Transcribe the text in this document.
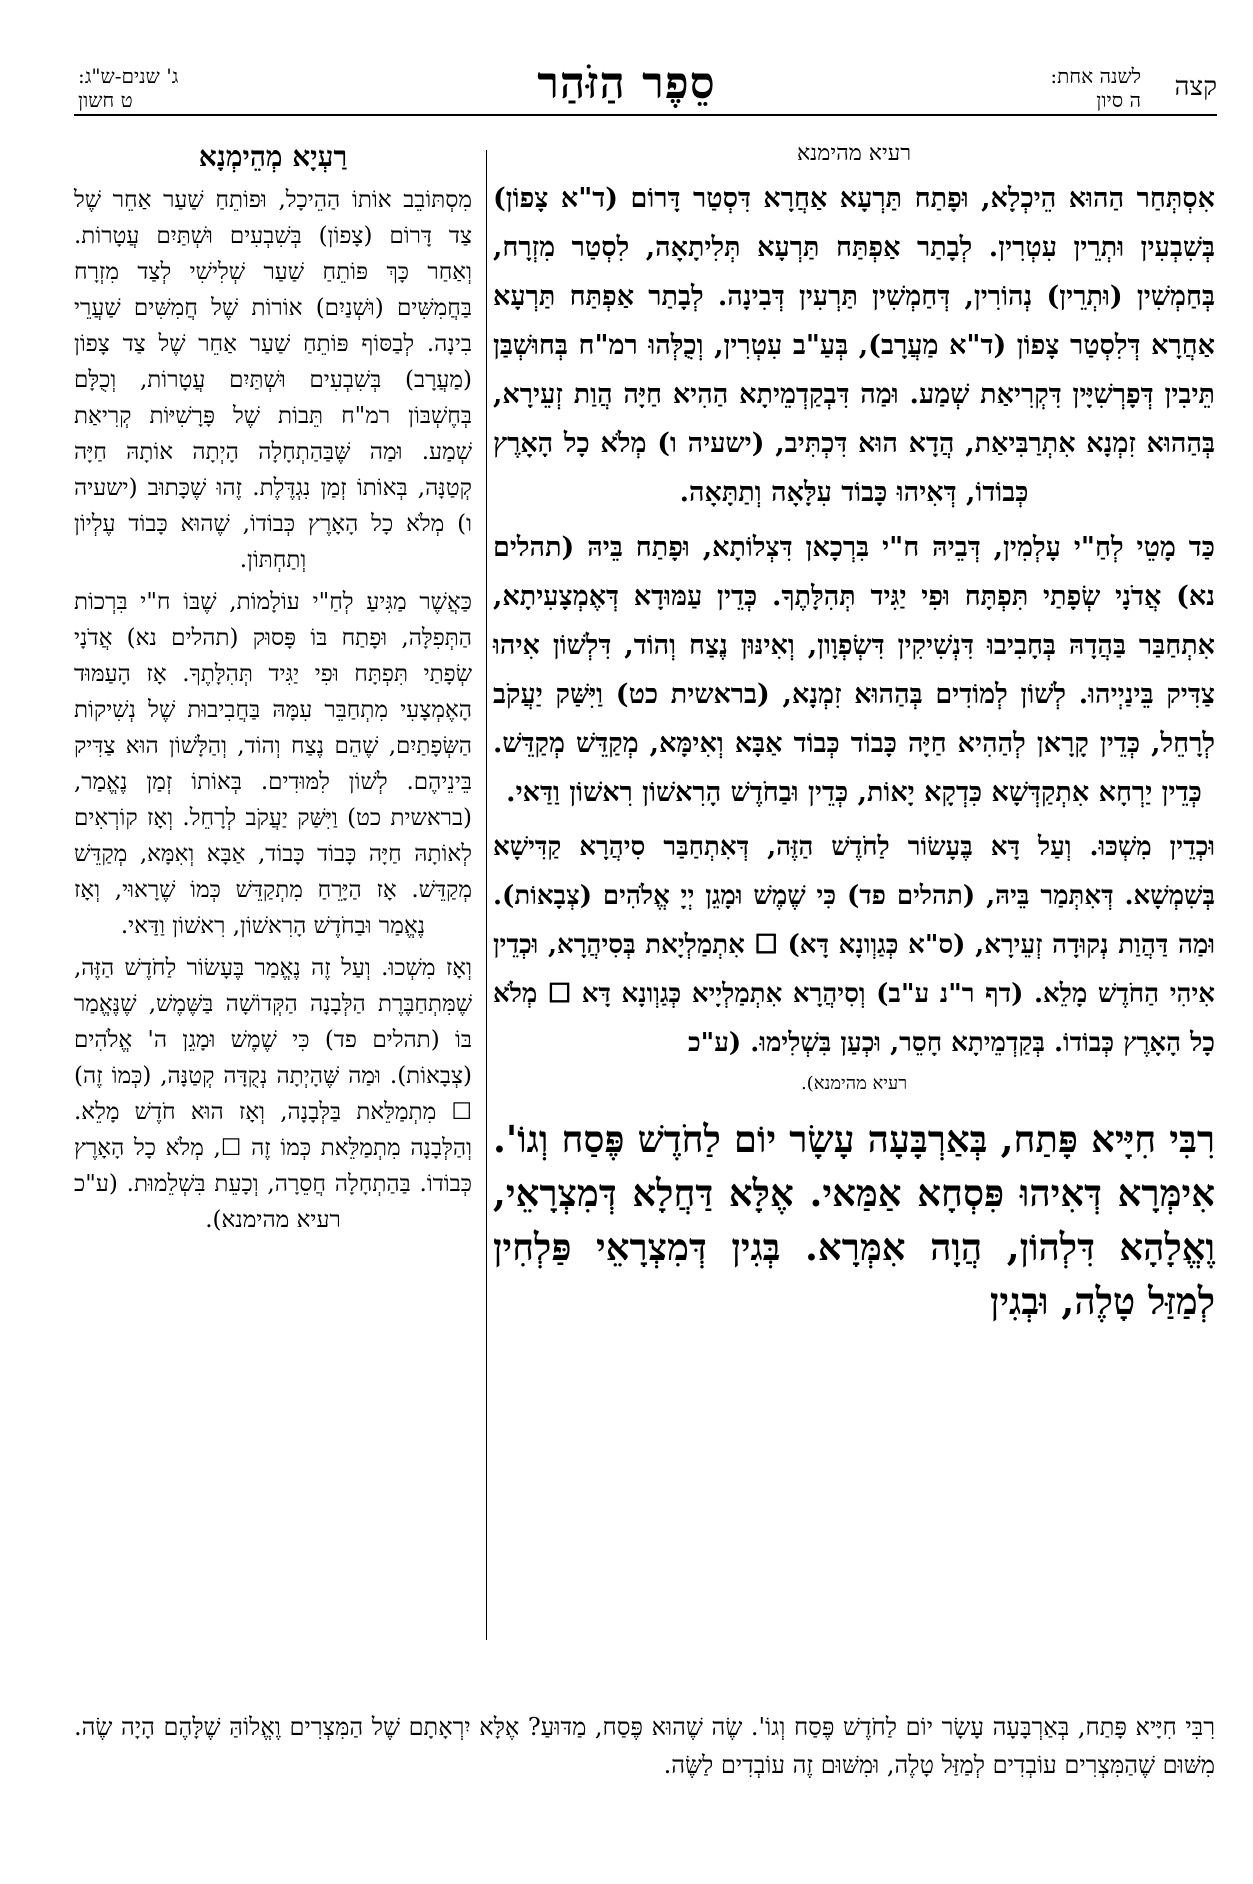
קצה
לשנה אחת:
ה סיון
סֵפֶר הַזֹּהַר
ג' שנים-ש"ג:
ט חשון
רעיא מהימנא

אִסְתְּחַר הַהוּא הֵיכְלָא, וּפָתַח תַּרְעָא אַחֲרָא דִּסְטַר דָּרוֹם (ד"א צָפוֹן) בְּשִׁבְעִין וּתְרֵין עִטְרִין. לְבָתַר אַפְתַּח תַּרְעָא תְּלִיתָאָה, לִסְטַר מִזְרָח, בְּחַמְשִׁין (וּתְרֵין) נְהוֹרִין, דְּחַמְשִׁין תַּרְעִין דְּבִינָה. לְבָתַר אַפְתַּח תַּרְעָא אַחֲרָא דְּלִסְטַר צָפוֹן (ד"א מַעֲרָב), בְּעַ"ב עִטְרִין, וְכֻלְּהוּ רמ"ח בְּחוּשְׁבַּן תֵּיבִין דְּפָרְשִׁיָּין דִּקְרִיאַת שְׁמַע. וּמַה דִּבְקַדְמֵיתָא הַהִיא חַיָּה הֲוַת זְעֵירָא, בְּהַהוּא זִמְנָא אִתְרַבִּיאַת, הֲדָא הוּא דִּכְתִּיב, (ישעיה ו) מְלֹא כָל הָאָרֶץ כְּבוֹדוֹ, דְּאִיהוּ כָּבוֹד עִלָּאָה וְתַתָּאָה.

כַּד מָטֵי לְחַ"י עָלְמִין, דְּבֵיהּ ח"י בִּרְכָאן דִּצְלוֹתָא, וּפָתַח בֵּיהּ (תהלים נא) אֲדֹנָי שְׂפָתַי תִּפְתָּח וּפִי יַגִּיד תְּהִלָּתֶךָ. כְּדֵין עַמּוּדָא דְּאֶמְצָעִיתָא, אִתְחַבַּר בַּהֲדָהּ בְּחָבִיבוּ דִּנְשִׁיקִין דִּשְׂפְוָון, וְאִינּוּן נֶצַח וְהוֹד, דִּלְשׁוֹן אִיהוּ צַדִּיק בֵּינַיְיהוּ. לְשׁוֹן לְמוֹדִים בְּהַהוּא זִמְנָא, (בראשית כט) וַיִּשַּׁק יַעֲקֹב לְרָחֵל, כְּדֵין קָרָאן לְהַהִיא חַיָּה כָּבוֹד כְּבוֹד אַבָּא וְאִימָּא, מְקַדֵּשׁ מְקַדֵּשׁ. כְּדֵין יַרְחָא אִתְקַדְּשָׁא כִּדְקָא יָאוֹת, כְּדֵין וּבַחֹדֶשׁ הָרִאשׁוֹן רִאשׁוֹן וַדַּאי.

וּכְדֵין מִשְׁכּוּ. וְעַל דָּא בֶּעָשׂוֹר לַחֹדֶשׁ הַזֶּה, דְּאִתְחַבַּר סִיהֲרָא קַדִּישָׁא בְּשִׁמְשָׁא. דְּאִתְּמַר בֵּיהּ, (תהלים פד) כִּי שֶׁמֶשׁ וּמָגֵן יְיָ אֱלֹהִים (צְבָאוֹת). וּמַה דַּהֲוַת נְקוּדָה זְעֵירָא, (ס"א כְּגַוְונָא דָּא) ☐ אִתְמַלְיָאת בְּסִיהֲרָא, וּכְדֵין אִיהִי הַחֹדֶשׁ מָלֵא. (דף ר"נ ע"ב) וְסִיהֲרָא אִתְמַלְיָיא כְּגַוְונָא דָּא ☐ מְלֹא כָל הָאָרֶץ כְּבוֹדוֹ. בְּקַדְמֵיתָא חָסֵר, וּכְעַן בִּשְׁלִימוּ. (ע"כ

רעיא מהימנא).

רִבִּי חִיָּיא פָּתַח, בְּאַרְבָּעָה עָשָׂר יוֹם לַחֹדֶשׁ פֶּסַח וְגוֹ'. אִימְּרָא דְּאִיהוּ פִּסְחָא אַמַּאי. אֶלָּא דַּחֲלָא דְּמִצְרָאֵי, וֶאֱלָהָא דִּלְהוֹן, הֲוָה אִמְּרָא. בְּגִין דְּמִצְרָאֵי פַּלְחִין לְמַזַּל טָלֶה, וּבְגִין

רַעְיָא מְהֵימְנָא

מִסְתּוֹבֵב אוֹתוֹ הַהֵיכָל, וּפוֹתֵחַ שַׁעַר אַחֵר שֶׁל צַד דָּרוֹם (צָפוֹן) בְּשִׁבְעִים וּשְׁתַּיִם עֲטָרוֹת. וְאַחַר כָּךְ פּוֹתֵחַ שַׁעַר שְׁלִישִׁי לְצַד מִזְרָח בַּחֲמִשִּׁים (וּשְׁנַיִם) אוֹרוֹת שֶׁל חֲמִשִּׁים שַׁעֲרֵי בִינָה. לְבַסּוֹף פּוֹתֵחַ שַׁעַר אַחֵר שֶׁל צַד צָפוֹן (מַעֲרָב) בְּשִׁבְעִים וּשְׁתַּיִם עֲטָרוֹת, וְכֻלָּם בְּחֶשְׁבּוֹן רמ"ח תֵּבוֹת שֶׁל פָּרָשִׁיּוֹת קְרִיאַת שְׁמַע. וּמַה שֶּׁבַּהַתְחָלָה הָיְתָה אוֹתָהּ חַיָּה קְטַנָּה, בְּאוֹתוֹ זְמַן נִגְדֶּלֶת. זֶהוּ שֶׁכָּתוּב (ישעיה ו) מְלֹא כָל הָאָרֶץ כְּבוֹדוֹ, שֶׁהוּא כָּבוֹד עֶלְיוֹן וְתַחְתּוֹן.

כַּאֲשֶׁר מַגִּיעַ לְחַ"י עוֹלָמוֹת, שֶׁבּוֹ ח"י בִּרְכוֹת הַתְּפִלָּה, וּפָתַח בּוֹ פָּסוּק (תהלים נא) אֲדֹנָי שְׂפָתַי תִּפְתָּח וּפִי יַגִּיד תְּהִלָּתֶךָ. אָז הָעַמּוּד הָאֶמְצָעִי מִתְחַבֵּר עִמָּהּ בַּחֲבִיבוּת שֶׁל נְשִׁיקוֹת הַשְּׂפָתַיִם, שֶׁהֵם נֶצַח וְהוֹד, וְהַלָּשׁוֹן הוּא צַדִּיק בֵּינֵיהֶם. לְשׁוֹן לִמּוּדִים. בְּאוֹתוֹ זְמַן נֶאֱמַר, (בראשית כט) וַיִּשַּׁק יַעֲקֹב לְרָחֵל. וְאָז קוֹרְאִים לְאוֹתָהּ חַיָּה כָּבוֹד כָּבוֹד, אַבָּא וְאִמָּא, מְקַדֵּשׁ מְקַדֵּשׁ. אָז הַיָּרֵחַ מִתְקַדֵּשׁ כְּמוֹ שֶׁרָאוּי, וְאָז נֶאֱמַר וּבַחֹדֶשׁ הָרִאשׁוֹן, רִאשׁוֹן וַדַּאי.

וְאָז מִשְׁכוּ. וְעַל זֶה נֶאֱמַר בֶּעָשׂוֹר לַחֹדֶשׁ הַזֶּה, שֶׁמִּתְחַבֶּרֶת הַלְּבָנָה הַקְּדוֹשָׁה בַּשֶּׁמֶשׁ, שֶׁנֶּאֱמַר בּוֹ (תהלים פד) כִּי שֶׁמֶשׁ וּמָגֵן ה' אֱלֹהִים (צְבָאוֹת). וּמַה שֶּׁהָיְתָה נְקֻדָּה קְטַנָּה, (כְּמוֹ זֶה) ☐ מִתְמַלֵּאת בַּלְּבָנָה, וְאָז הוּא חֹדֶשׁ מָלֵא. וְהַלְּבָנָה מִתְמַלֵּאת כְּמוֹ זֶה ☐, מְלֹא כָל הָאָרֶץ כְּבוֹדוֹ. בַּהַתְחָלָה חֲסֵרָה, וְכָעֵת בִּשְׁלֵמוּת. (ע"כ רעיא מהימנא).

רִבִּי חִיָּיא פָּתַח, בְּאַרְבָּעָה עָשָׂר יוֹם לַחֹדֶשׁ פֶּסַח וְגוֹ'. שֶׂה שֶׁהוּא פֶּסַח, מַדּוּעַ? אֶלָּא יִרְאָתָם שֶׁל הַמִּצְרִים וֶאֱלוֹהַּ שֶׁלָּהֶם הָיָה שֶׂה. מִשּׁוּם שֶׁהַמִּצְרִים עוֹבְדִים לְמַזַּל טָלֶה, וּמִשּׁוּם זֶה עוֹבְדִים לַשֶּׂה.
